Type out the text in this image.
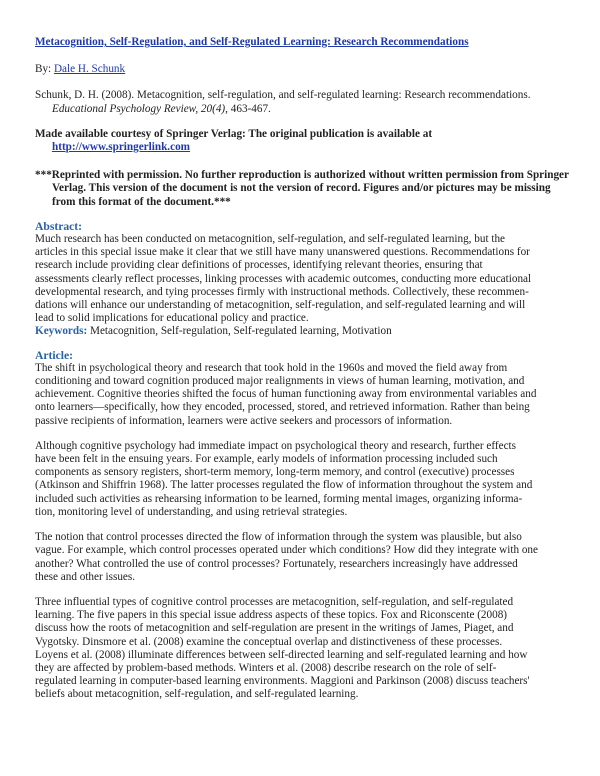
Metacognition, Self-Regulation, and Self-Regulated Learning: Research Recommendations

By: Dale H. Schunk

Schunk, D. H. (2008). Metacognition, self-regulation, and self-regulated learning: Research recommendations.
Educational Psychology Review, 20(4), 463-467.

Made available courtesy of Springer Verlag: The original publication is available at
http://www.springerlink.com

***Reprinted with permission. No further reproduction is authorized without written permission from Springer Verlag. This version of the document is not the version of record. Figures and/or pictures may be missing from this format of the document.***

Abstract:
Much research has been conducted on metacognition, self-regulation, and self-regulated learning, but the
articles in this special issue make it clear that we still have many unanswered questions. Recommendations for
research include providing clear definitions of processes, identifying relevant theories, ensuring that
assessments clearly reflect processes, linking processes with academic outcomes, conducting more educational
developmental research, and tying processes firmly with instructional methods. Collectively, these recommen-
dations will enhance our understanding of metacognition, self-regulation, and self-regulated learning and will
lead to solid implications for educational policy and practice.
Keywords: Metacognition, Self-regulation, Self-regulated learning, Motivation
Article:
The shift in psychological theory and research that took hold in the 1960s and moved the field away from
conditioning and toward cognition produced major realignments in views of human learning, motivation, and
achievement. Cognitive theories shifted the focus of human functioning away from environmental variables and
onto learners—specifically, how they encoded, processed, stored, and retrieved information. Rather than being
passive recipients of information, learners were active seekers and processors of information.
Although cognitive psychology had immediate impact on psychological theory and research, further effects
have been felt in the ensuing years. For example, early models of information processing included such
components as sensory registers, short-term memory, long-term memory, and control (executive) processes
(Atkinson and Shiffrin 1968). The latter processes regulated the flow of information throughout the system and
included such activities as rehearsing information to be learned, forming mental images, organizing informa-
tion, monitoring level of understanding, and using retrieval strategies.
The notion that control processes directed the flow of information through the system was plausible, but also
vague. For example, which control processes operated under which conditions? How did they integrate with one
another? What controlled the use of control processes? Fortunately, researchers increasingly have addressed
these and other issues.
Three influential types of cognitive control processes are metacognition, self-regulation, and self-regulated
learning. The five papers in this special issue address aspects of these topics. Fox and Riconscente (2008)
discuss how the roots of metacognition and self-regulation are present in the writings of James, Piaget, and
Vygotsky. Dinsmore et al. (2008) examine the conceptual overlap and distinctiveness of these processes.
Loyens et al. (2008) illuminate differences between self-directed learning and self-regulated learning and how
they are affected by problem-based methods. Winters et al. (2008) describe research on the role of self-
regulated learning in computer-based learning environments. Maggioni and Parkinson (2008) discuss teachers'
beliefs about metacognition, self-regulation, and self-regulated learning.
